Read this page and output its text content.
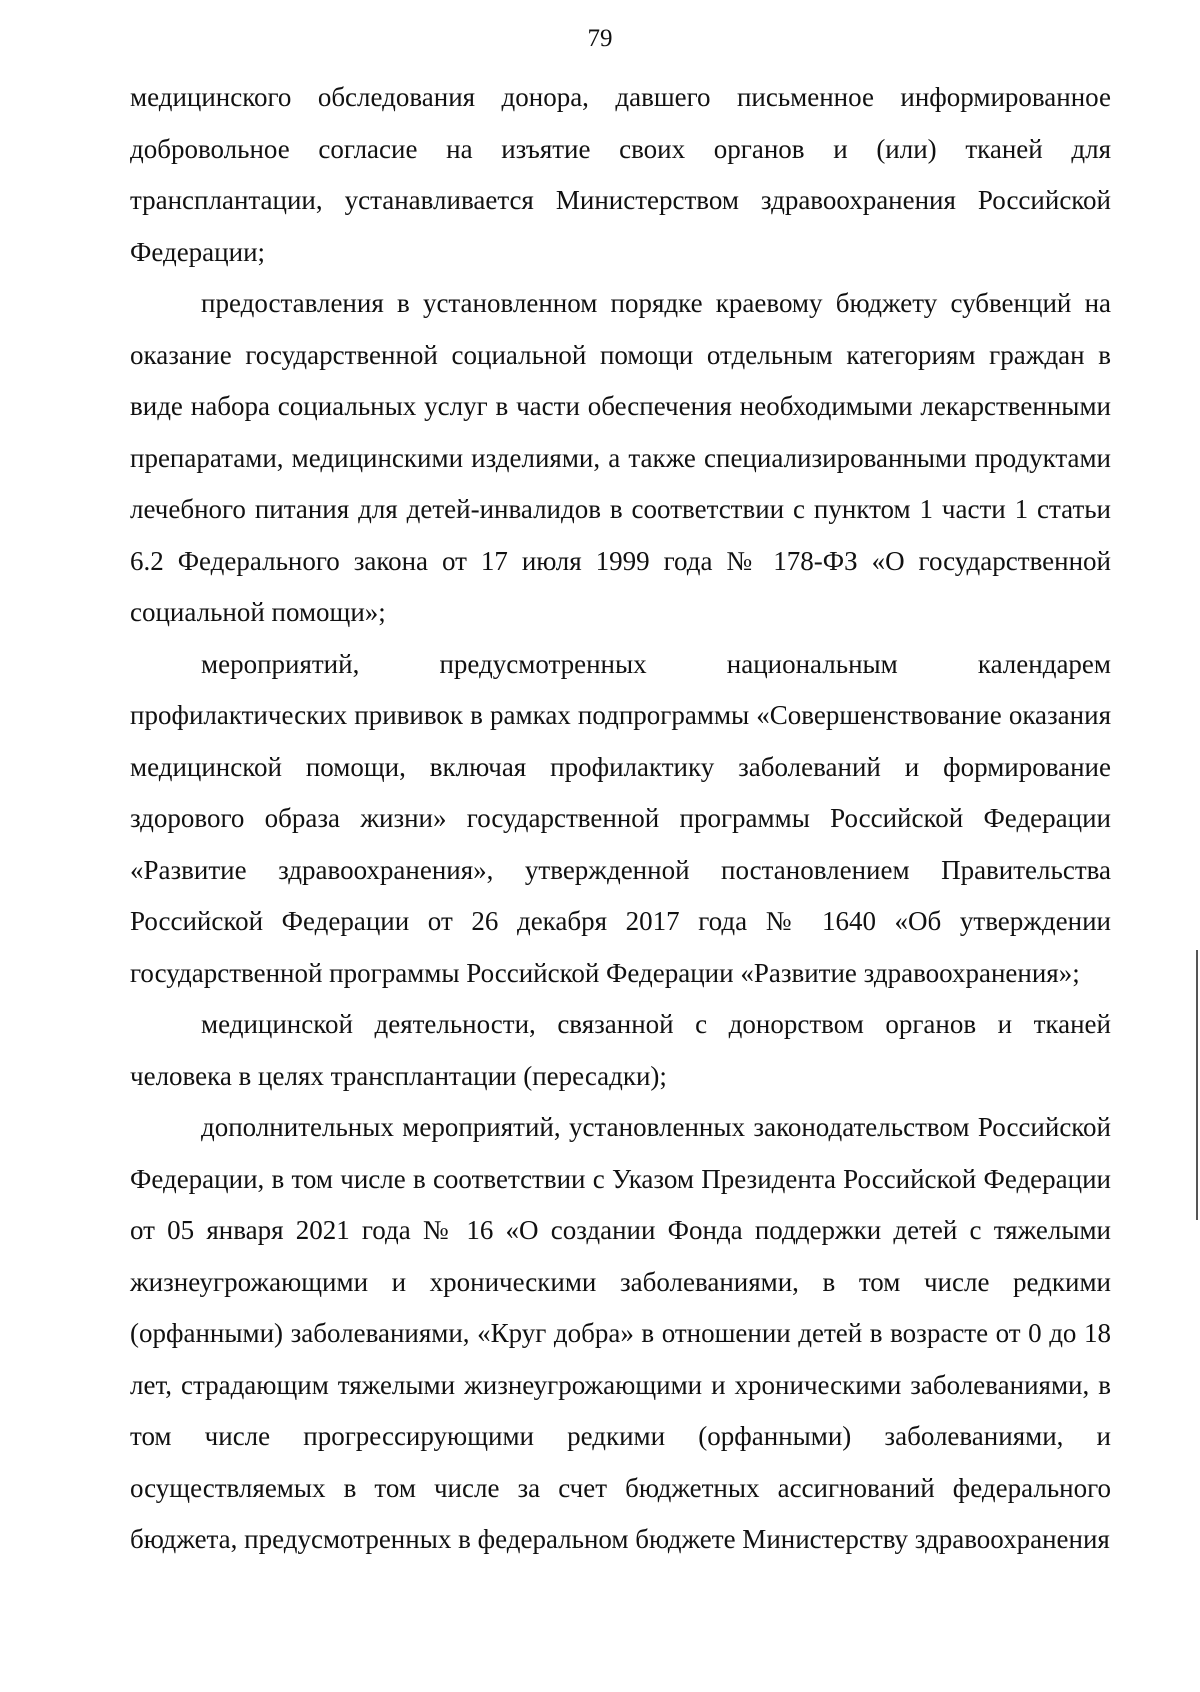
79

медицинского обследования донора, давшего письменное информированное добровольное согласие на изъятие своих органов и (или) тканей для трансплантации, устанавливается Министерством здравоохранения Российской Федерации;

предоставления в установленном порядке краевому бюджету субвенций на оказание государственной социальной помощи отдельным категориям граждан в виде набора социальных услуг в части обеспечения необходимыми лекарственными препаратами, медицинскими изделиями, а также специализированными продуктами лечебного питания для детей-инвалидов в соответствии с пунктом 1 части 1 статьи 6.2 Федерального закона от 17 июля 1999 года № 178-ФЗ «О государственной социальной помощи»;

мероприятий, предусмотренных национальным календарем профилактических прививок в рамках подпрограммы «Совершенствование оказания медицинской помощи, включая профилактику заболеваний и формирование здорового образа жизни» государственной программы Российской Федерации «Развитие здравоохранения», утвержденной постановлением Правительства Российской Федерации от 26 декабря 2017 года № 1640 «Об утверждении государственной программы Российской Федерации «Развитие здравоохранения»;

медицинской деятельности, связанной с донорством органов и тканей человека в целях трансплантации (пересадки);

дополнительных мероприятий, установленных законодательством Российской Федерации, в том числе в соответствии с Указом Президента Российской Федерации от 05 января 2021 года № 16 «О создании Фонда поддержки детей с тяжелыми жизнеугрожающими и хроническими заболеваниями, в том числе редкими (орфанными) заболеваниями, «Круг добра» в отношении детей в возрасте от 0 до 18 лет, страдающим тяжелыми жизнеугрожающими и хроническими заболеваниями, в том числе прогрессирующими редкими (орфанными) заболеваниями, и осуществляемых в том числе за счет бюджетных ассигнований федерального бюджета, предусмотренных в федеральном бюджете Министерству здравоохранения
